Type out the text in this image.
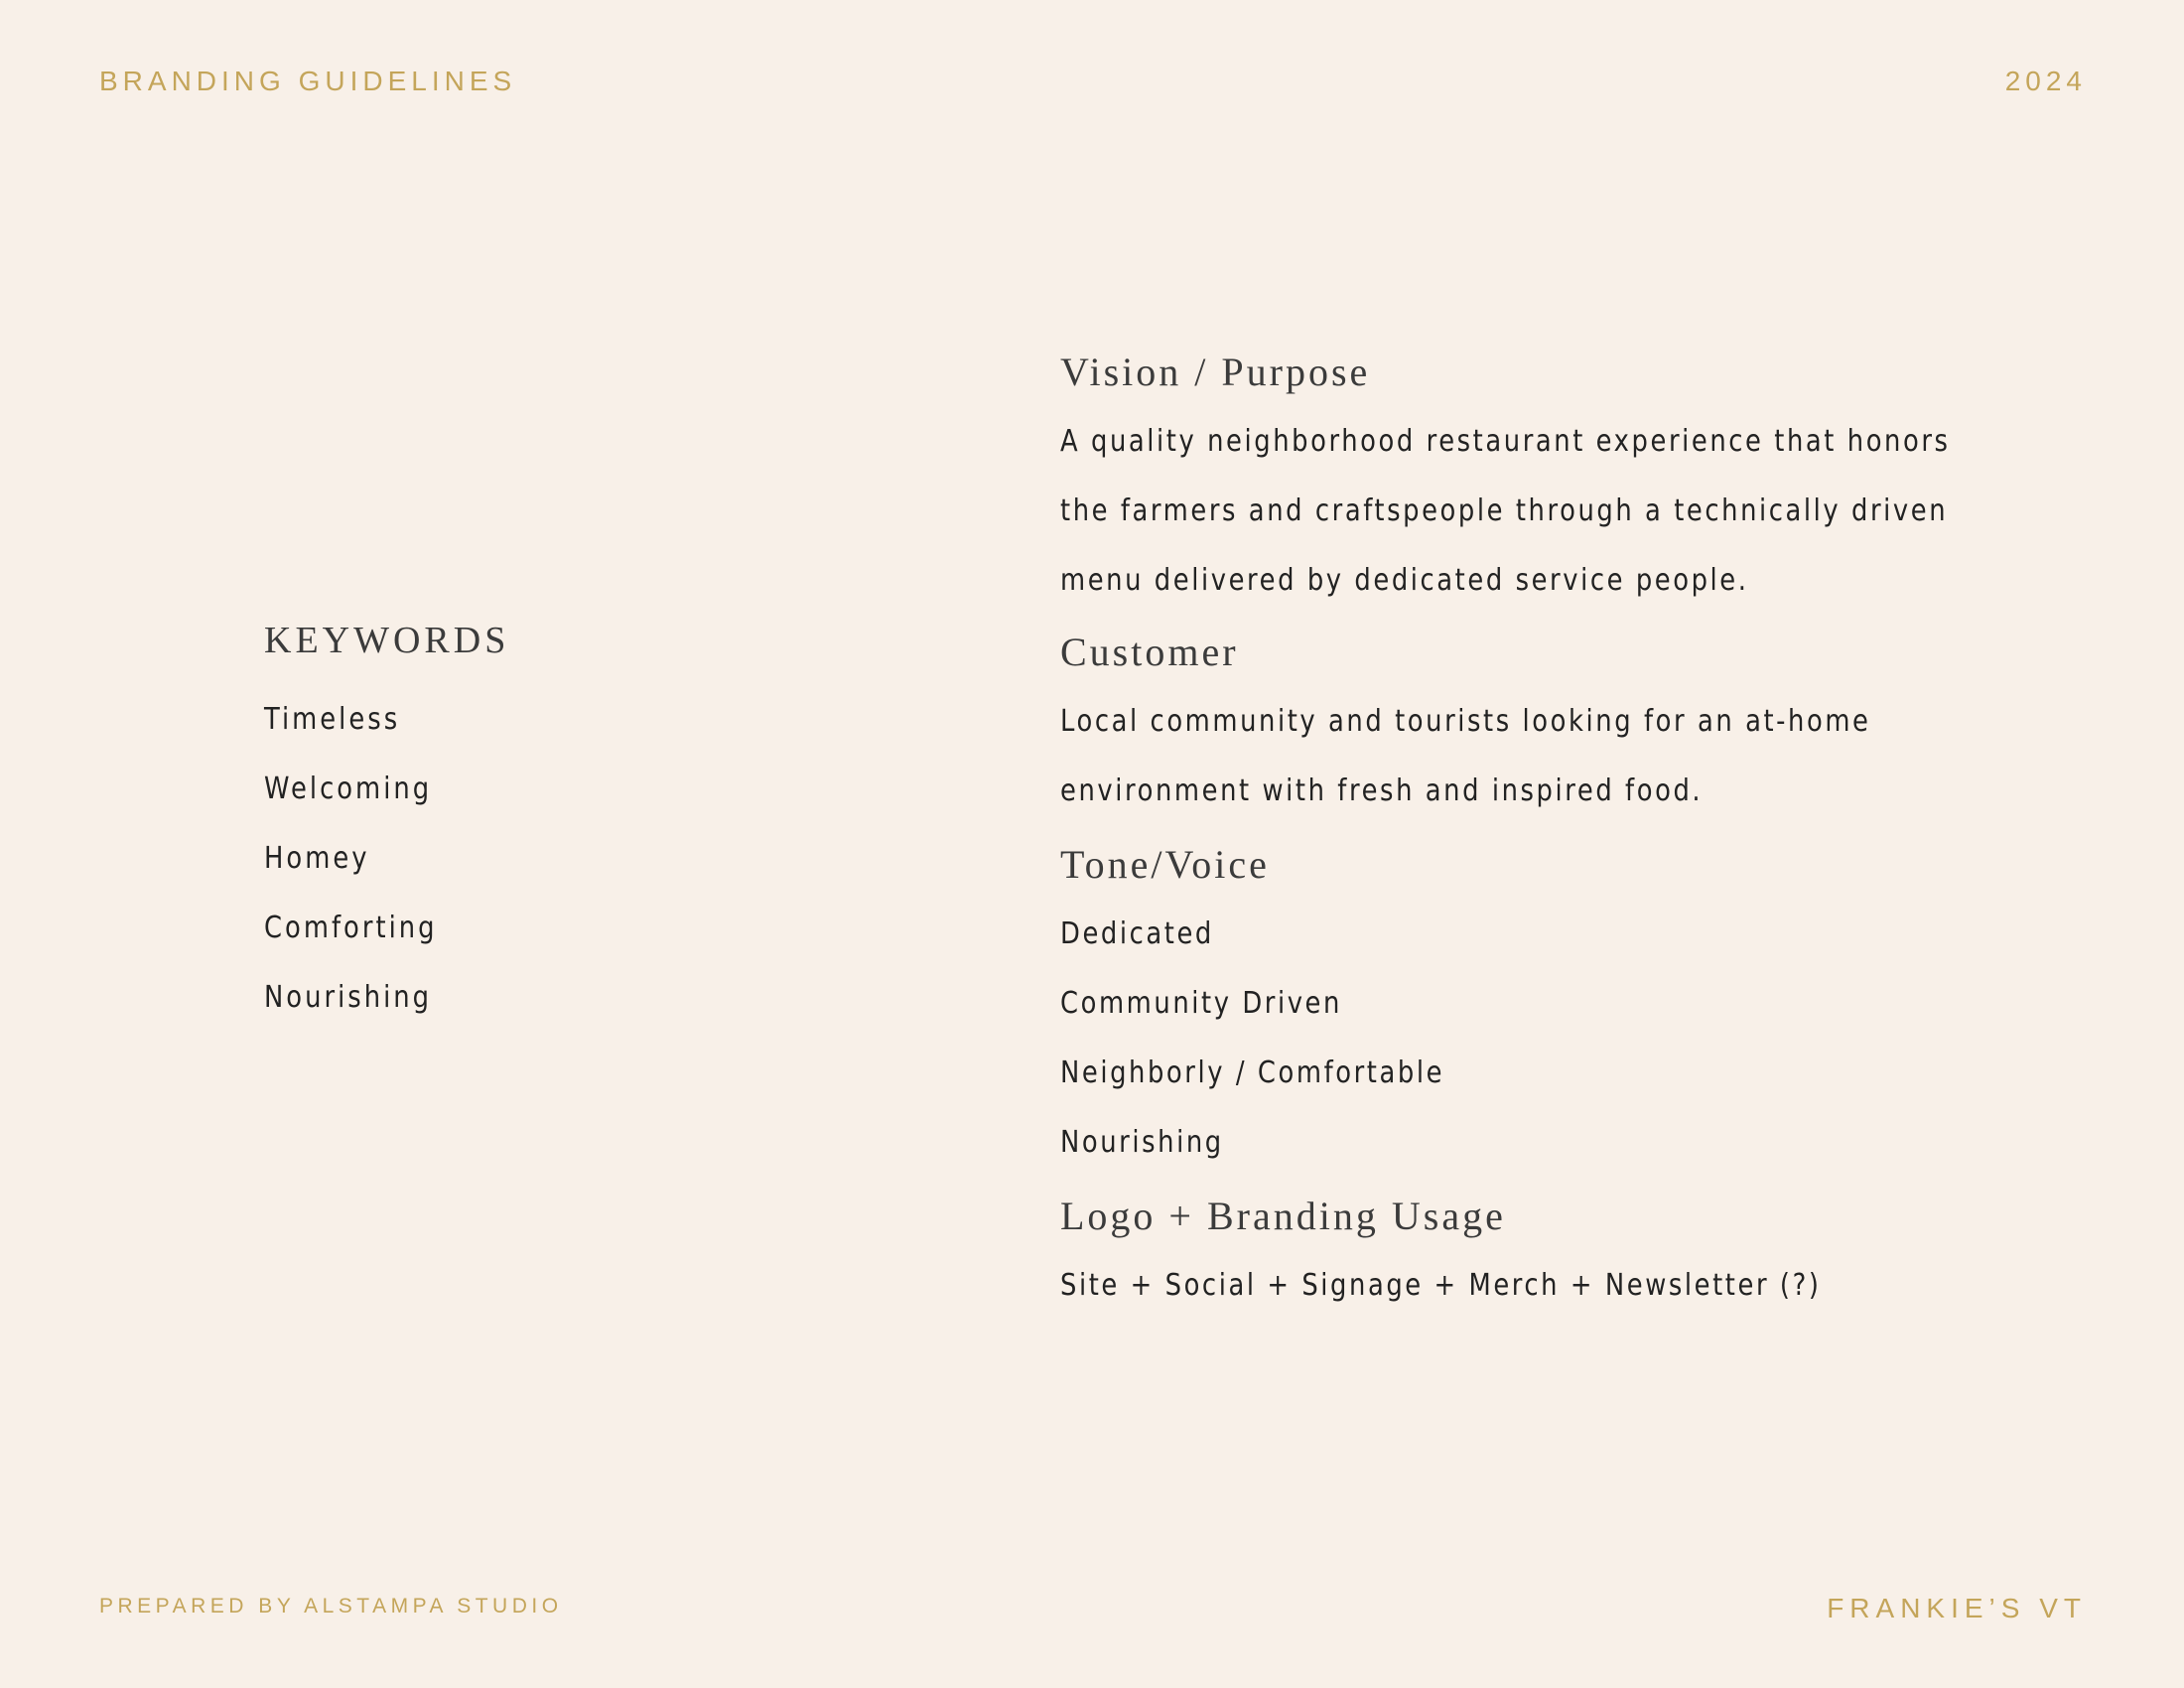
BRANDING GUIDELINES	2024
KEYWORDS
Timeless
Welcoming
Homey
Comforting
Nourishing
Vision / Purpose
A quality neighborhood restaurant experience that honors
the farmers and craftspeople through a technically driven
menu delivered by dedicated service people.
Customer
Local community and tourists looking for an at-home
environment with fresh and inspired food.
Tone/Voice
Dedicated
Community Driven
Neighborly / Comfortable
Nourishing
Logo + Branding Usage
Site + Social + Signage + Merch + Newsletter (?)
PREPARED BY ALSTAMPA STUDIO	FRANKIE’S VT
